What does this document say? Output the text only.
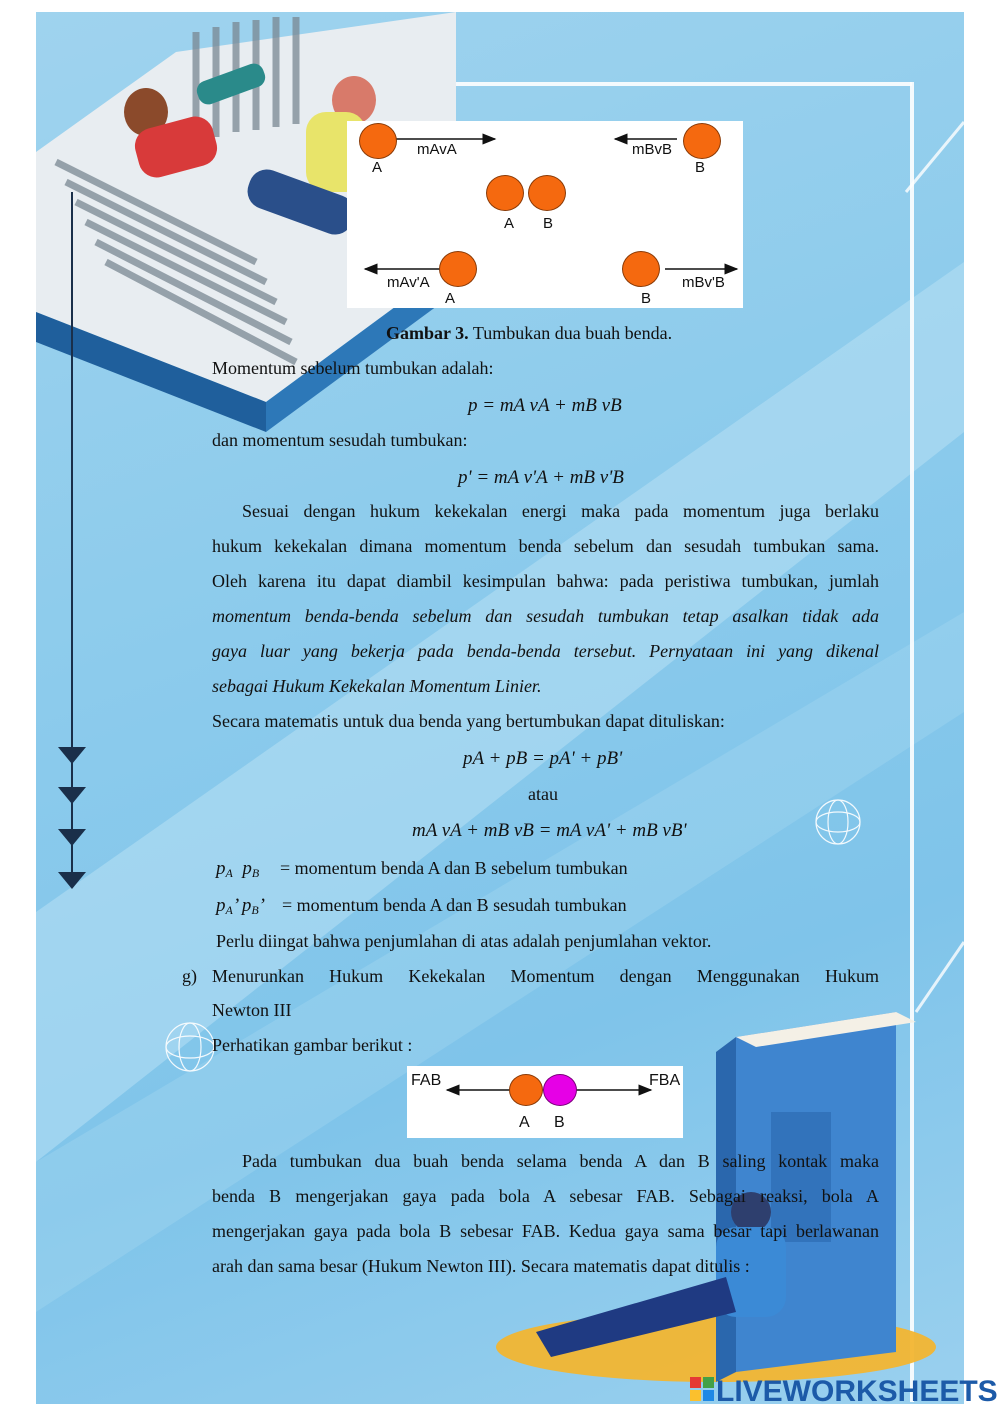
A
mAvA
B
mBvB
A B
mAv'A
A	B
mBv'B
Gambar 3. Tumbukan dua buah benda.
Momentum sebelum tumbukan adalah:
p = mA vA + mB vB
dan momentum sesudah tumbukan:
p' = mA v'A + mB v'B
Sesuai dengan hukum kekekalan energi maka pada momentum juga berlaku
hukum kekekalan dimana momentum benda sebelum dan sesudah tumbukan sama.
Oleh karena itu dapat diambil kesimpulan bahwa: pada peristiwa tumbukan, jumlah
momentum benda-benda sebelum dan sesudah tumbukan tetap asalkan tidak ada
gaya luar yang bekerja pada benda-benda tersebut. Pernyataan ini yang dikenal
sebagai Hukum Kekekalan Momentum Linier.
Secara matematis untuk dua benda yang bertumbukan dapat dituliskan:
pA + pB = pA' + pB'
atau
mA vA + mB vB = mA vA' + mB vB'
$p_A$  $p_B$ = momentum benda A dan B sebelum tumbukan
$p_A$’ $p_B$’ = momentum benda A dan B sesudah tumbukan
Perlu diingat bahwa penjumlahan di atas adalah penjumlahan vektor.
g) Menurunkan Hukum Kekekalan Momentum dengan Menggunakan Hukum
Newton III
Perhatikan gambar berikut :
FAB	FBA
A B
Pada tumbukan dua buah benda selama benda A dan B saling kontak maka
benda B mengerjakan gaya pada bola A sebesar FAB. Sebagai reaksi, bola A
mengerjakan gaya pada bola B sebesar FAB. Kedua gaya sama besar tapi berlawanan
arah dan sama besar (Hukum Newton III). Secara matematis dapat ditulis :
LIVEWORKSHEETS
